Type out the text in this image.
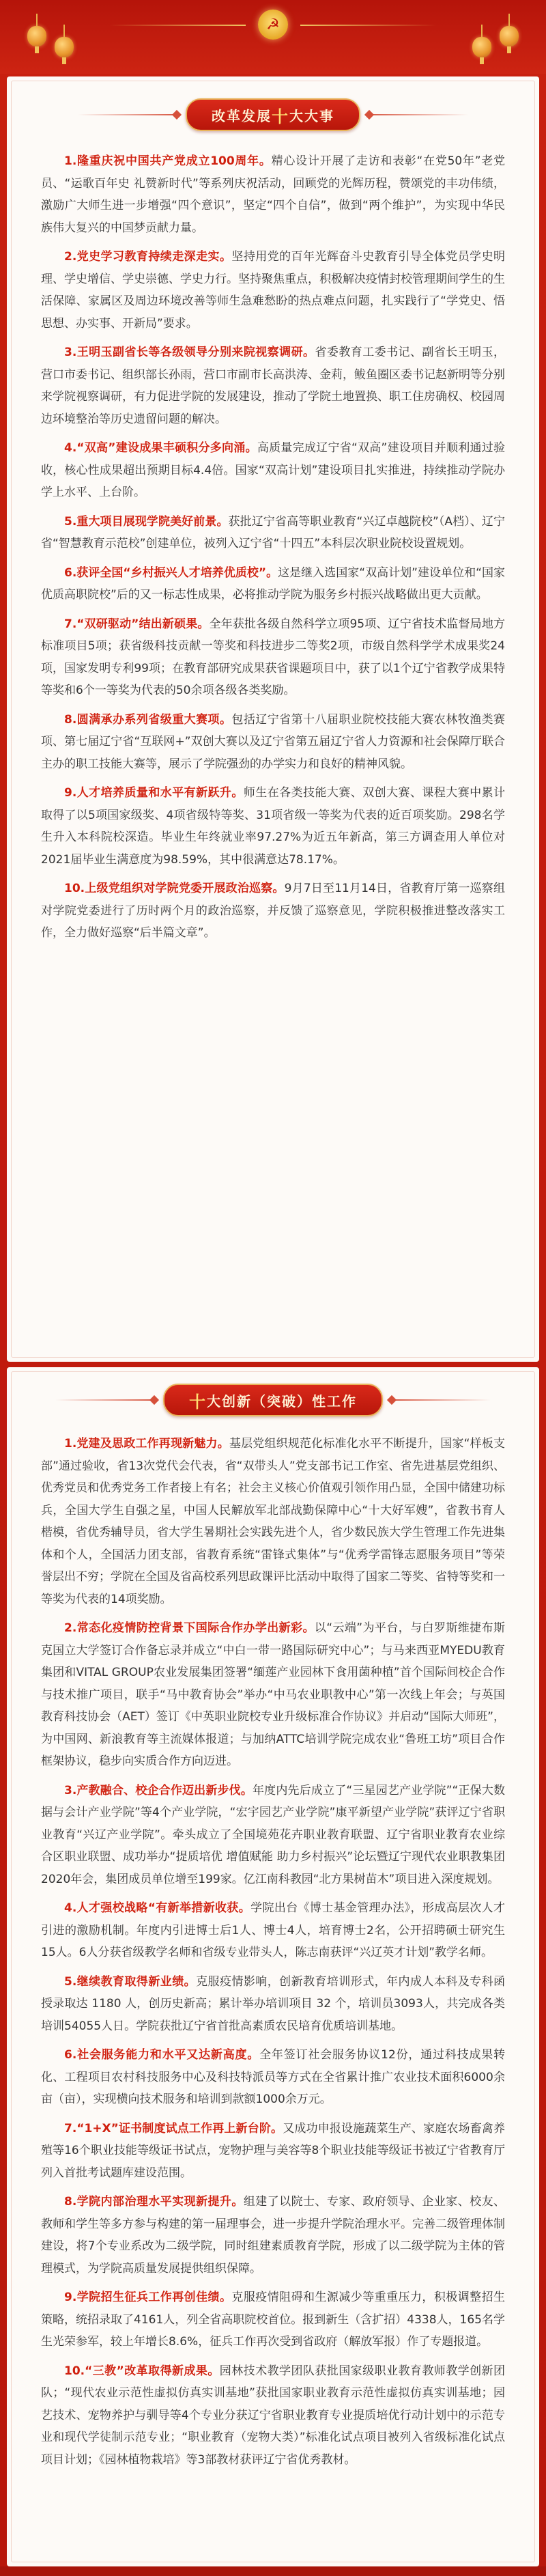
☭
改革发展 十 大大事

1.隆重庆祝中国共产党成立100周年。精心设计开展了走访和表彰“在党50年”老党员、“运歌百年史 礼赞新时代”等系列庆祝活动，回顾党的光辉历程，赞颂党的丰功伟绩，激励广大师生进一步增强“四个意识”，坚定“四个自信”，做到“两个维护”，为实现中华民族伟大复兴的中国梦贡献力量。

2.党史学习教育持续走深走实。坚持用党的百年光辉奋斗史教育引导全体党员学史明理、学史增信、学史崇德、学史力行。坚持聚焦重点，积极解决疫情封校管理期间学生的生活保障、家属区及周边环境改善等师生急难愁盼的热点难点问题，扎实践行了“学党史、悟思想、办实事、开新局”要求。

3.王明玉副省长等各级领导分别来院视察调研。省委教育工委书记、副省长王明玉，营口市委书记、组织部长孙雨，营口市副市长高洪涛、金莉，鲅鱼圈区委书记赵新明等分别来学院视察调研，有力促进学院的发展建设，推动了学院土地置换、职工住房确权、校园周边环境整治等历史遗留问题的解决。

4.“双高”建设成果丰硕积分多向涌。高质量完成辽宁省“双高”建设项目并顺利通过验收，核心性成果超出预期目标4.4倍。国家“双高计划”建设项目扎实推进，持续推动学院办学上水平、上台阶。

5.重大项目展现学院美好前景。获批辽宁省高等职业教育“兴辽卓越院校”（A档）、辽宁省“智慧教育示范校”创建单位，被列入辽宁省“十四五”本科层次职业院校设置规划。

6.获评全国“乡村振兴人才培养优质校”。这是继入选国家“双高计划”建设单位和“国家优质高职院校”后的又一标志性成果，必将推动学院为服务乡村振兴战略做出更大贡献。

7.“双研驱动”结出新硕果。全年获批各级自然科学立项95项、辽宁省技术监督局地方标准项目5项；获省级科技贡献一等奖和科技进步二等奖2项，市级自然科学学术成果奖24项，国家发明专利99项；在教育部研究成果获省课题项目中，获了以1个辽宁省教学成果特等奖和6个一等奖为代表的50余项各级各类奖励。

8.圆满承办系列省级重大赛项。包括辽宁省第十八届职业院校技能大赛农林牧渔类赛项、第七届辽宁省“互联网+”双创大赛以及辽宁省第五届辽宁省人力资源和社会保障厅联合主办的职工技能大赛等，展示了学院强劲的办学实力和良好的精神风貌。

9.人才培养质量和水平有新跃升。师生在各类技能大赛、双创大赛、课程大赛中累计取得了以5项国家级奖、4项省级特等奖、31项省级一等奖为代表的近百项奖励。298名学生升入本科院校深造。毕业生年终就业率97.27%为近五年新高，第三方调查用人单位对2021届毕业生满意度为98.59%，其中很满意达78.17%。

10.上级党组织对学院党委开展政治巡察。9月7日至11月14日，省教育厅第一巡察组对学院党委进行了历时两个月的政治巡察，并反馈了巡察意见，学院积极推进整改落实工作，全力做好巡察“后半篇文章”。

十 大创新（突破）性工作

1.党建及思政工作再现新魅力。基层党组织规范化标准化水平不断提升，国家“样板支部”通过验收，省13次党代会代表，省“双带头人”党支部书记工作室、省先进基层党组织、优秀党员和优秀党务工作者接上有名；社会主义核心价值观引领作用凸显，全国中储建功标兵，全国大学生自强之星，中国人民解放军北部战勤保障中心“十大好军嫂”，省教书育人楷模，省优秀辅导员，省大学生暑期社会实践先进个人，省少数民族大学生管理工作先进集体和个人，全国活力团支部，省教育系统“雷锋式集体”与“优秀学雷锋志愿服务项目”等荣誉层出不穷；学院在全国及省高校系列思政课评比活动中取得了国家二等奖、省特等奖和一等奖为代表的14项奖励。

2.常态化疫情防控背景下国际合作办学出新彩。以“云端”为平台，与白罗斯维捷布斯克国立大学签订合作备忘录并成立“中白一带一路国际研究中心”；与马来西亚MYEDU教育集团和VITAL GROUP农业发展集团签署“缅莲产业园林下食用菌种植”首个国际间校企合作与技术推广项目，联手“马中教育协会”举办“中马农业职教中心”第一次线上年会；与英国教育科技协会（AET）签订《中英职业院校专业升级标准合作协议》并启动“国际大师班”，为中国网、新浪教育等主流媒体报道；与加纳ATTC培训学院完成农业“鲁班工坊”项目合作框架协议，稳步向实质合作方向迈进。

3.产教融合、校企合作迈出新步伐。年度内先后成立了“三星园艺产业学院”“正保大数据与会计产业学院”等4个产业学院，“宏宇园艺产业学院”康平新望产业学院”获评辽宁省职业教育“兴辽产业学院”。牵头成立了全国境苑花卉职业教育联盟、辽宁省职业教育农业综合区职业联盟、成功举办“提质培优 增值赋能 助力乡村振兴”论坛暨辽宁现代农业职教集团2020年会，集团成员单位增至199家。亿江南科教园“北方果树苗木”项目进入深度规划。

4.人才强校战略“有新举措新收获。学院出台《博士基金管理办法》，形成高层次人才引进的激励机制。年度内引进博士后1人、博士4人，培育博士2名，公开招聘硕士研究生15人。6人分获省级教学名师和省级专业带头人，陈志南获评“兴辽英才计划”教学名师。

5.继续教育取得新业绩。克服疫情影响，创新教育培训形式，年内成人本科及专科函授录取达 1180 人，创历史新高；累计举办培训项目 32 个，培训员3093人，共完成各类培训54055人日。学院获批辽宁省首批高素质农民培育优质培训基地。

6.社会服务能力和水平又达新高度。全年签订社会服务协议12份，通过科技成果转化、工程项目农村科技服务中心及科技特派员等方式在全省累计推广农业技术面积6000余亩（亩），实现横向技术服务和培训到款额1000余万元。

7.“1+X”证书制度试点工作再上新台阶。又成功申报设施蔬菜生产、家庭农场畜禽养殖等16个职业技能等级证书试点，宠物护理与美容等8个职业技能等级证书被辽宁省教育厅列入首批考试题库建设范围。

8.学院内部治理水平实现新提升。组建了以院士、专家、政府领导、企业家、校友、教师和学生等多方参与构建的第一届理事会，进一步提升学院治理水平。完善二级管理体制建设，将7个专业系改为二级学院，同时组建素质教育学院，形成了以二级学院为主体的管理模式，为学院高质量发展提供组织保障。

9.学院招生征兵工作再创佳绩。克服疫情阻碍和生源减少等重重压力，积极调整招生策略，统招录取了4161人，列全省高职院校首位。报到新生（含扩招）4338人，165名学生光荣参军，较上年增长8.6%，征兵工作再次受到省政府（解放军报）作了专题报道。

10.“三教”改革取得新成果。园林技术教学团队获批国家级职业教育教师教学创新团队；“现代农业示范性虚拟仿真实训基地”获批国家职业教育示范性虚拟仿真实训基地；园艺技术、宠物养护与驯导等4个专业分获辽宁省职业教育专业提质培优行动计划中的示范专业和现代学徒制示范专业；“职业教育（宠物大类）”标准化试点项目被列入省级标准化试点项目计划；《园林植物栽培》等3部教材获评辽宁省优秀教材。
